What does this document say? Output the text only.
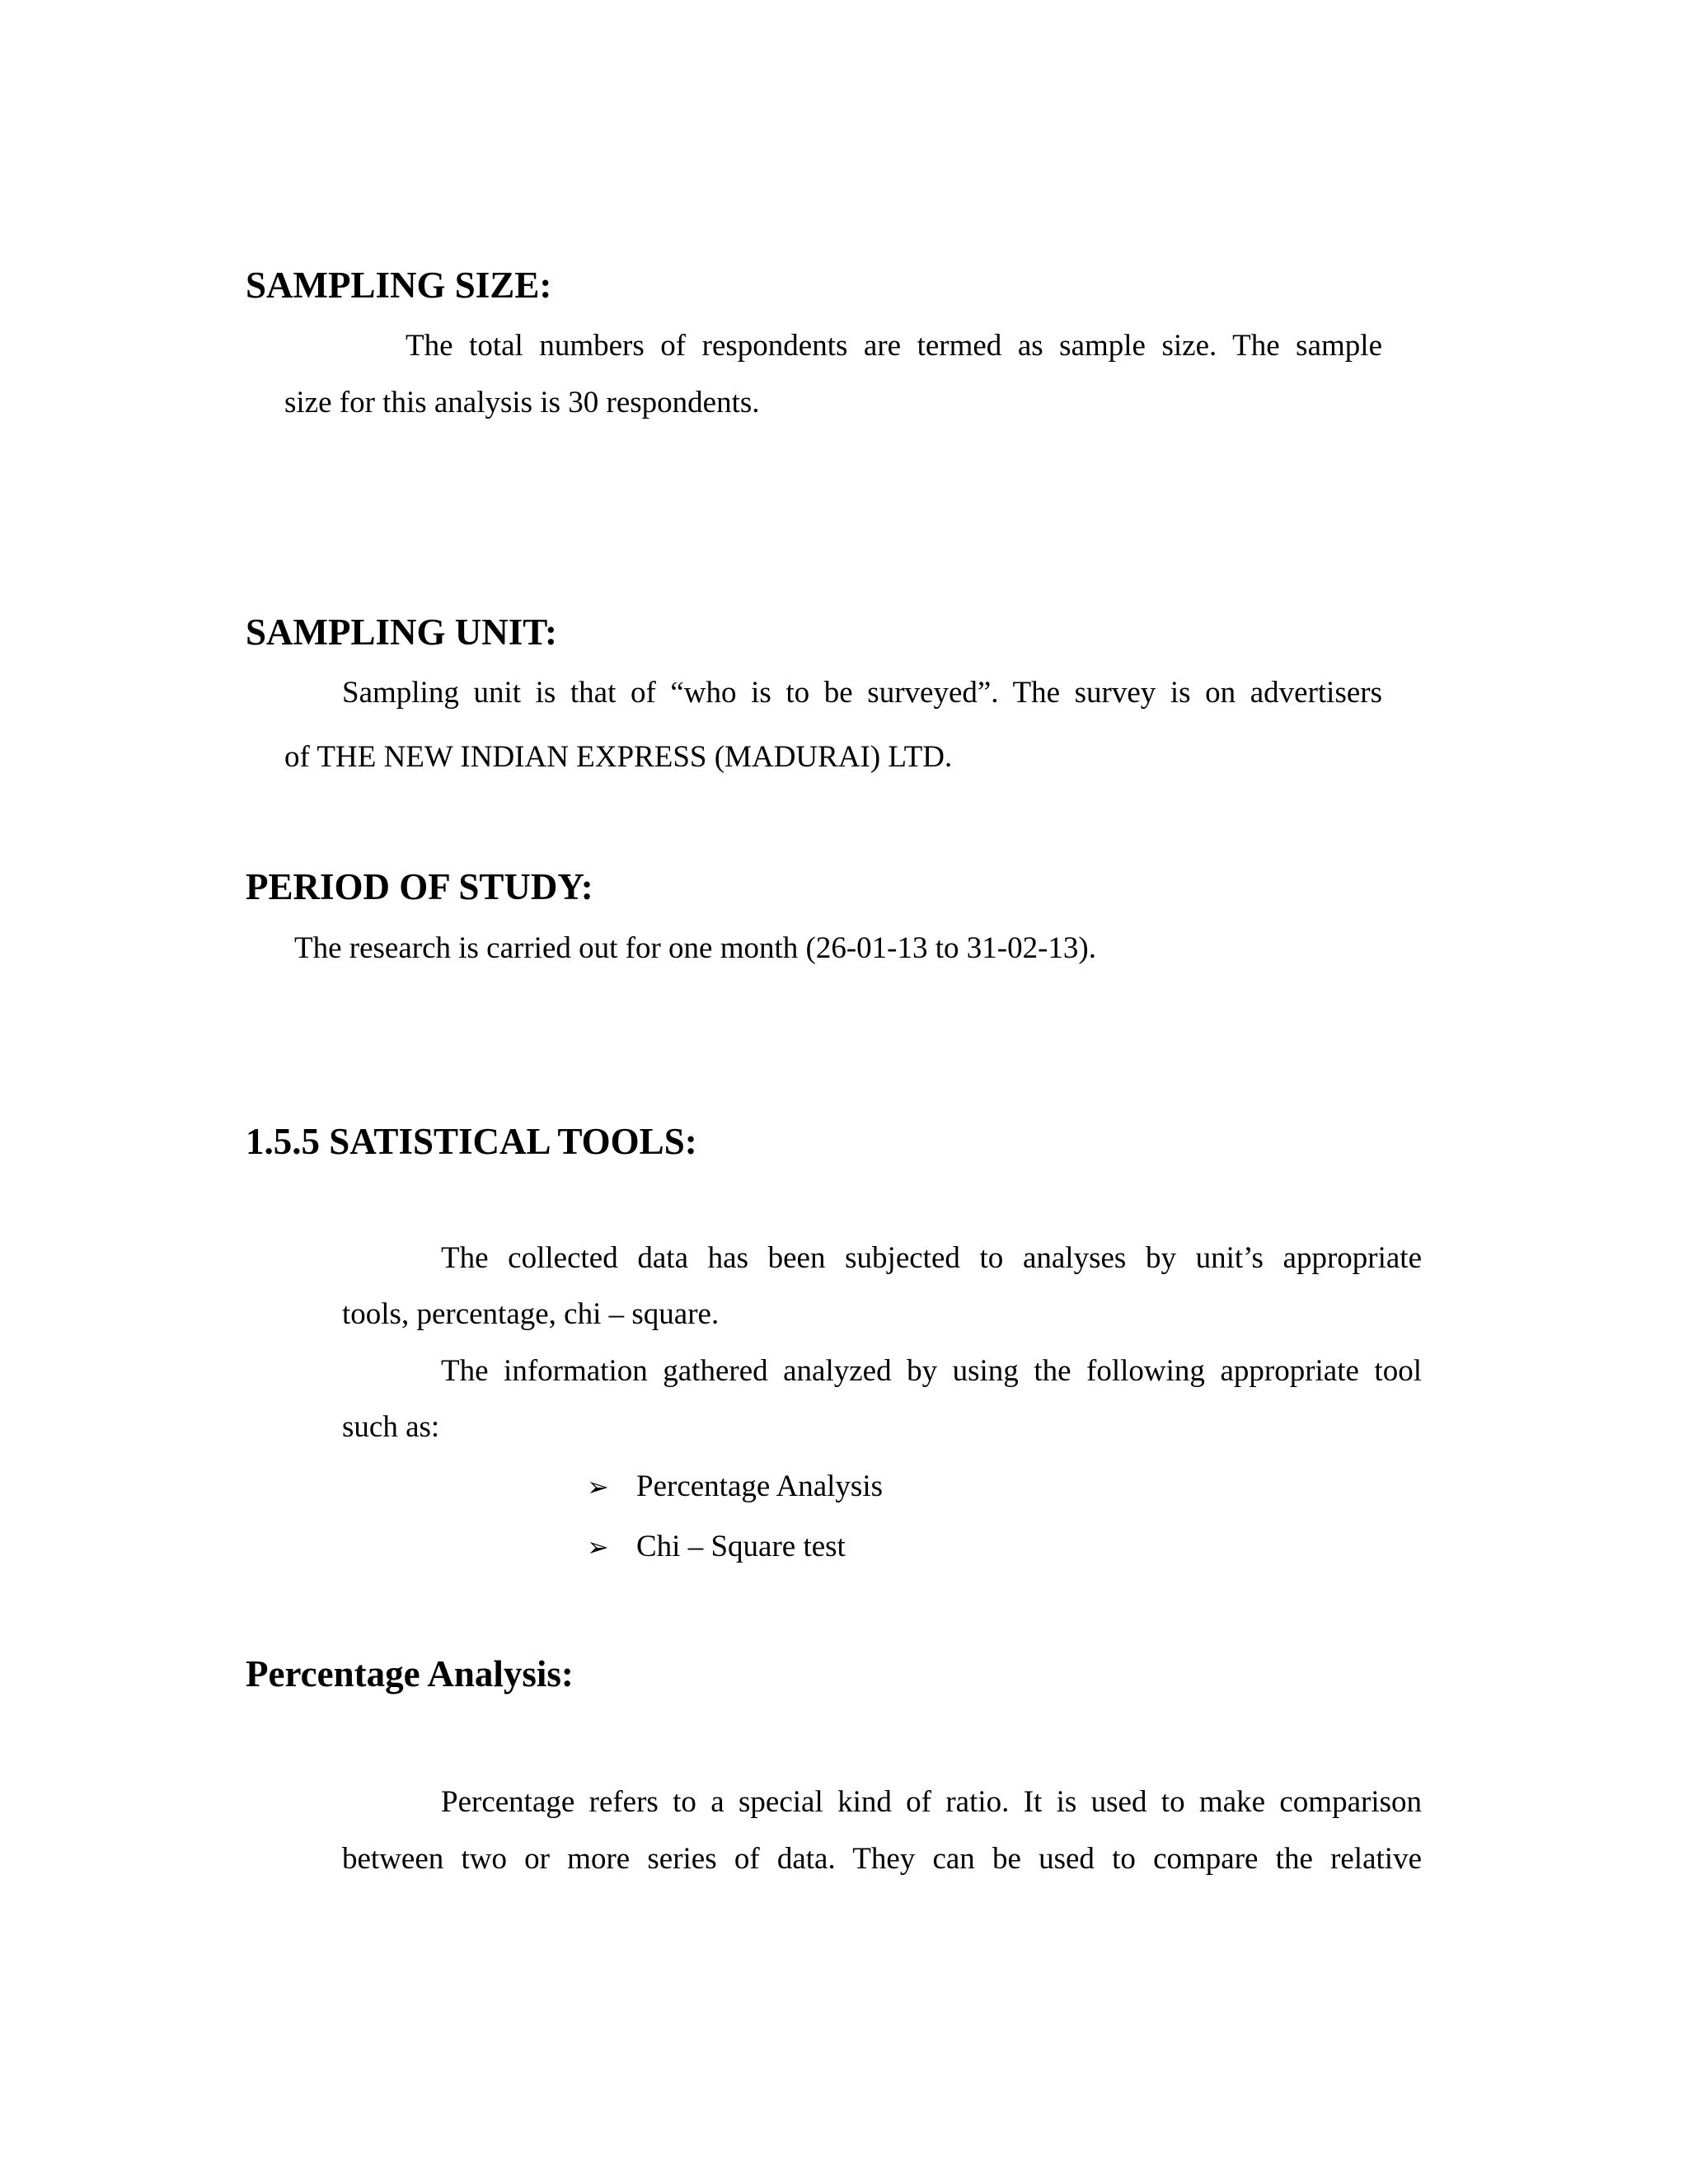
SAMPLING SIZE:

The total numbers of respondents are termed as sample size. The sample

size for this analysis is 30 respondents.

SAMPLING UNIT:

Sampling unit is that of “who is to be surveyed”. The survey is on advertisers

of THE NEW INDIAN EXPRESS (MADURAI) LTD.

PERIOD OF STUDY:

The research is carried out for one month (26-01-13 to 31-02-13).

1.5.5 SATISTICAL TOOLS:

The collected data has been subjected to analyses by unit’s appropriate

tools, percentage, chi – square.

The information gathered analyzed by using the following appropriate tool

such as:

➢ Percentage Analysis
➢ Chi – Square test
Percentage Analysis:

Percentage refers to a special kind of ratio. It is used to make comparison

between two or more series of data. They can be used to compare the relative
